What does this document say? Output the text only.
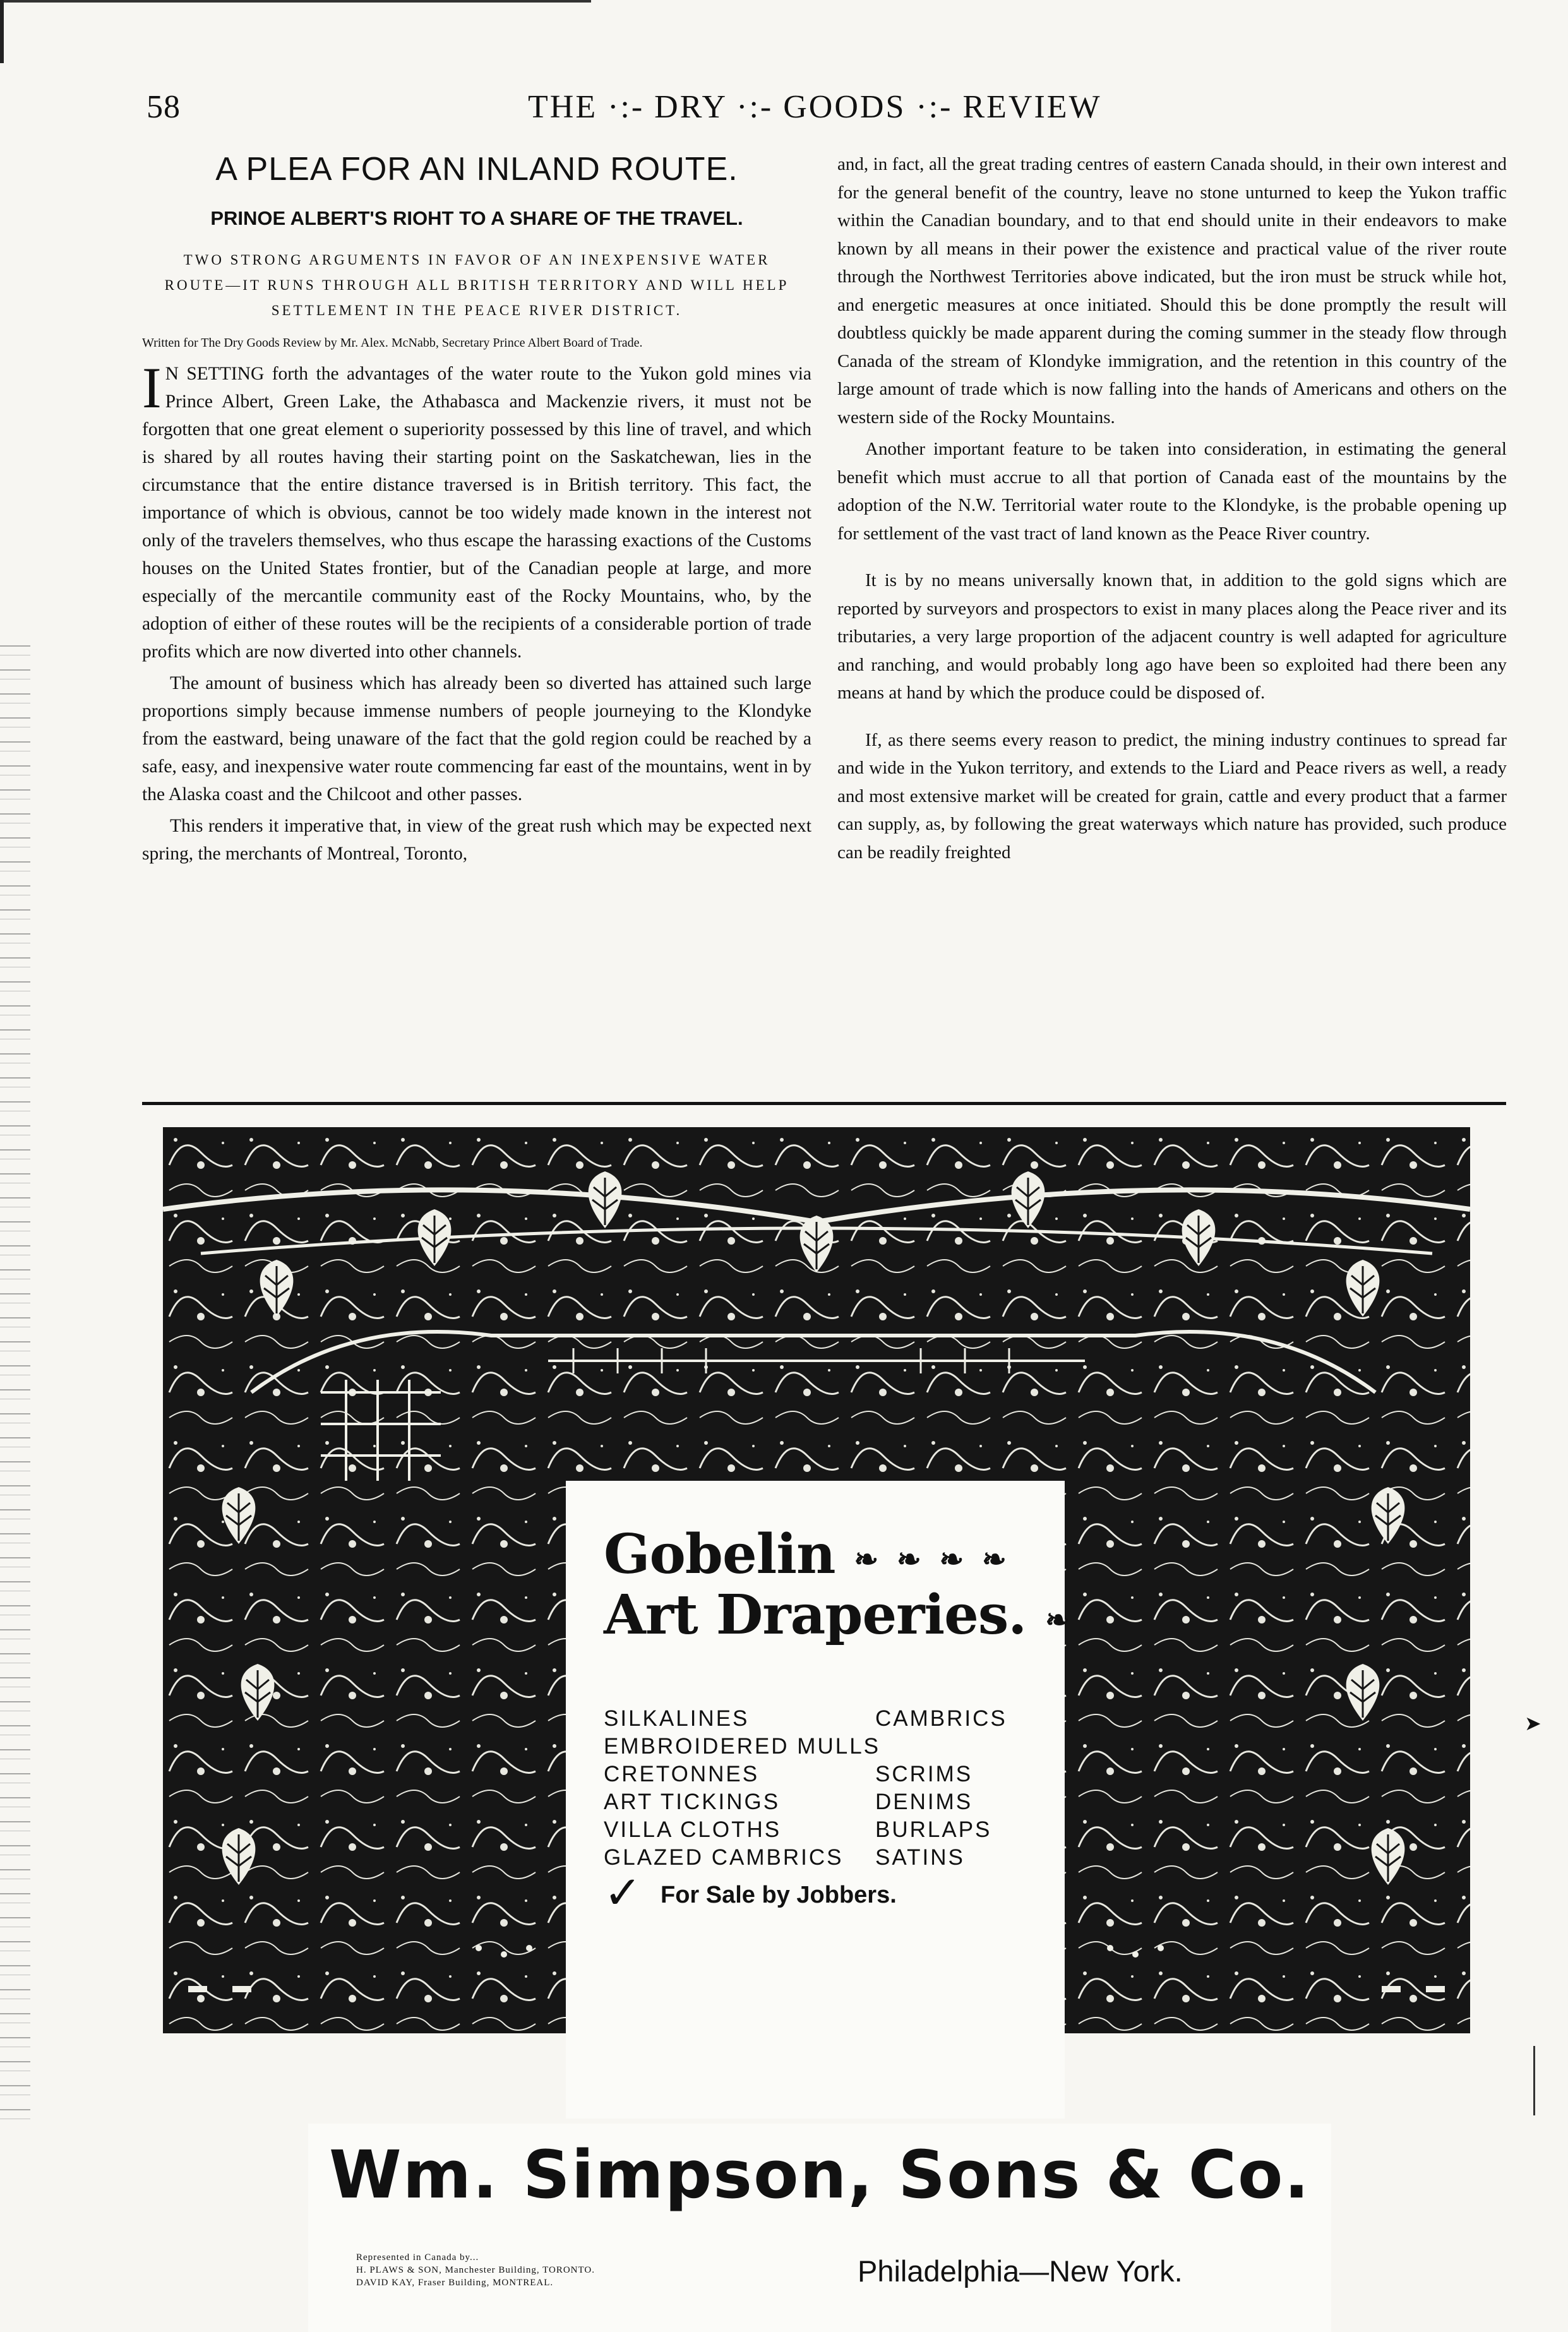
58	THE ·:- DRY ·:- GOODS ·:- REVIEW
A PLEA FOR AN INLAND ROUTE.
PRINOE ALBERT'S RIOHT TO A SHARE OF THE TRAVEL.
TWO STRONG ARGUMENTS IN FAVOR OF AN INEXPENSIVE WATER ROUTE—IT RUNS THROUGH ALL BRITISH TERRITORY AND WILL HELP SETTLEMENT IN THE PEACE RIVER DISTRICT.
Written for The Dry Goods Review by Mr. Alex. McNabb, Secretary Prince Albert Board of Trade.

I N SETTING forth the advantages of the water route to the Yukon gold mines via Prince Albert, Green Lake, the Athabasca and Mackenzie rivers, it must not be forgotten that one great element o superiority possessed by this line of travel, and which is shared by all routes having their starting point on the Saskatchewan, lies in the circumstance that the entire distance traversed is in British territory. This fact, the importance of which is obvious, cannot be too widely made known in the interest not only of the travelers themselves, who thus escape the harassing exactions of the Customs houses on the United States frontier, but of the Canadian people at large, and more especially of the mercantile community east of the Rocky Mountains, who, by the adoption of either of these routes will be the recipients of a considerable portion of trade profits which are now diverted into other channels.

The amount of business which has already been so diverted has attained such large proportions simply because immense numbers of people journeying to the Klondyke from the eastward, being unaware of the fact that the gold region could be reached by a safe, easy, and inexpensive water route commencing far east of the mountains, went in by the Alaska coast and the Chilcoot and other passes.

This renders it imperative that, in view of the great rush which may be expected next spring, the merchants of Montreal, Toronto,

and, in fact, all the great trading centres of eastern Canada should, in their own interest and for the general benefit of the country, leave no stone unturned to keep the Yukon traffic within the Canadian boundary, and to that end should unite in their endeavors to make known by all means in their power the existence and practical value of the river route through the Northwest Territories above indicated, but the iron must be struck while hot, and energetic measures at once initiated. Should this be done promptly the result will doubtless quickly be made apparent during the coming summer in the steady flow through Canada of the stream of Klondyke immigration, and the retention in this country of the large amount of trade which is now falling into the hands of Americans and others on the western side of the Rocky Mountains.

Another important feature to be taken into consideration, in estimating the general benefit which must accrue to all that portion of Canada east of the mountains by the adoption of the N.W. Territorial water route to the Klondyke, is the probable opening up for settlement of the vast tract of land known as the Peace River country.

It is by no means universally known that, in addition to the gold signs which are reported by surveyors and prospectors to exist in many places along the Peace river and its tributaries, a very large proportion of the adjacent country is well adapted for agriculture and ranching, and would probably long ago have been so exploited had there been any means at hand by which the produce could be disposed of.

If, as there seems every reason to predict, the mining industry continues to spread far and wide in the Yukon territory, and extends to the Liard and Peace rivers as well, a ready and most extensive market will be created for grain, cattle and every product that a farmer can supply, as, by following the great waterways which nature has provided, such produce can be readily freighted

Gobelin ❧ ❧ ❧ ❧
Art Draperies. ❧
SILKALINES	CAMBRICS
EMBROIDERED MULLS
CRETONNES	SCRIMS
ART TICKINGS	DENIMS
VILLA CLOTHS	BURLAPS
GLAZED CAMBRICS	SATINS
✓ For Sale by Jobbers.
Wm. Simpson, Sons & Co.
Represented in Canada by...
H. PLAWS & SON, Manchester Building, TORONTO.
DAVID KAY, Fraser Building, MONTREAL.	Philadelphia—New York.
➤
